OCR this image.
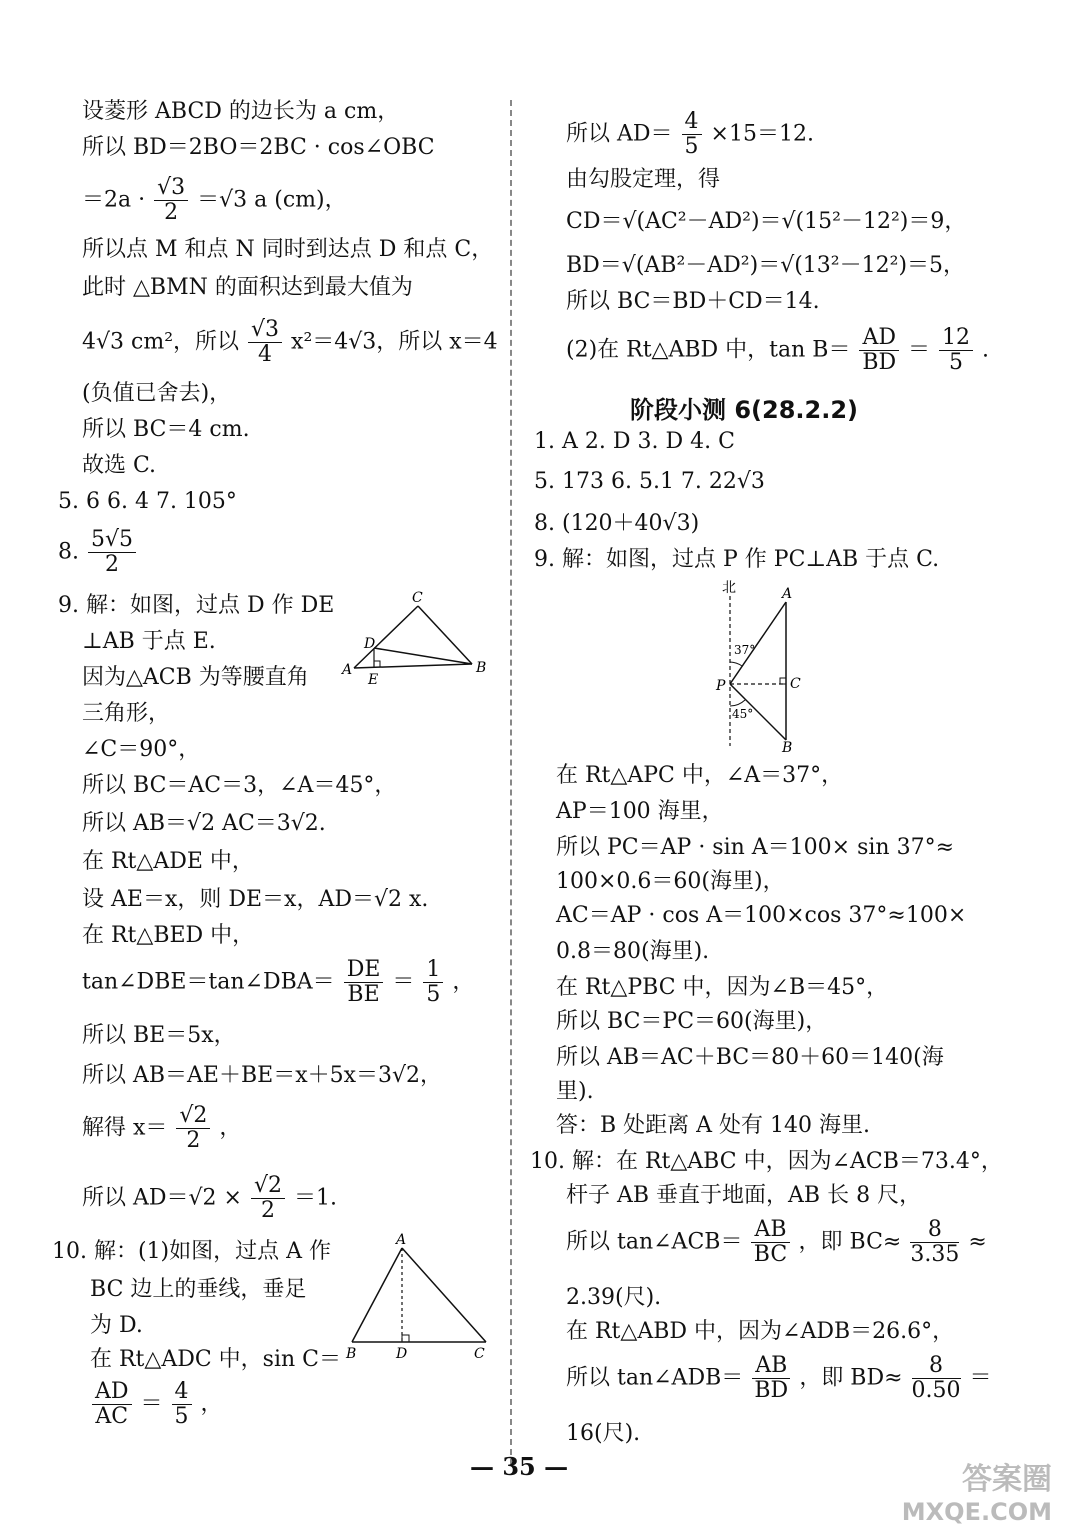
设菱形 ABCD 的边长为 a cm，
所以 BD＝2BO＝2BC · cos∠OBC
$=2a \cdot \frac{√3}{2} =√3$ a (cm)，
所以点 M 和点 N 同时到达点 D 和点 C，
此时 △BMN 的面积达到最大值为
4√3 cm²，所以 $\frac{√3}{4} x^2=4√3$，所以 x＝4
(负值已舍去)，
所以 BC＝4 cm.
故选 C.
5. 6 6. 4 7. 105°
8. $\frac{5√5}{2}$
9. 解：如图，过点 D 作 DE
⊥AB 于点 E.
因为△ACB 为等腰直角
三角形，
∠C＝90°，
所以 BC＝AC＝3，∠A＝45°，
所以 AB＝√2 AC＝3√2.
在 Rt△ADE 中，
设 AE＝x，则 DE＝x，AD＝√2 x.
在 Rt△BED 中，
tan∠DBE＝tan∠DBA＝ $\frac{DE}{BE} = \frac{1}{5}$ ，
所以 BE＝5x，
所以 AB＝AE＋BE＝x＋5x＝3√2，
解得 $x= \frac{√2}{2}$ ，
所以 $AD=√2 \times \frac{√2}{2} =1$.
10. 解：(1)如图，过点 A 作
BC 边上的垂线，垂足
为 D.
在 Rt△ADC 中，sin C＝
$\frac{AD}{AC} = \frac{4}{5}$ ，
C
D
A
E
B
A
B	D	C
所以 $AD= \frac{4}{5} \times 15=12$.
由勾股定理，得
CD＝√(AC²－AD²)＝√(15²－12²)＝9，
BD＝√(AB²－AD²)＝√(13²－12²)＝5，
所以 BC＝BD＋CD＝14.
(2)在 Rt△ABD 中，$\tan B= \frac{AD}{BD} = \frac{12}{5}$ .
阶段小测 6(28.2.2)
1. A 2. D 3. D 4. C
5. 173 6. 5.1 7. 22√3
8. (120＋40√3)
9. 解：如图，过点 P 作 PC⊥AB 于点 C.
北	A
P	C
B
37°
45°
在 Rt△APC 中，∠A＝37°，
AP＝100 海里，
所以 PC＝AP · sin A＝100× sin 37°≈
100×0.6＝60(海里)，
AC＝AP · cos A＝100×cos 37°≈100×
0.8＝80(海里).
在 Rt△PBC 中，因为∠B＝45°，
所以 BC＝PC＝60(海里)，
所以 AB＝AC＋BC＝80＋60＝140(海
里).
答：B 处距离 A 处有 140 海里.
10. 解：在 Rt△ABC 中，因为∠ACB＝73.4°，
杆子 AB 垂直于地面，AB 长 8 尺，
所以 tan∠ACB＝ $\frac{AB}{BC}$ ，即 $BC\approx \frac{8}{3.35}$ ≈
2.39(尺).
在 Rt△ABD 中，因为∠ADB＝26.6°，
所以 tan∠ADB＝ $\frac{AB}{BD}$ ，即 $BD\approx \frac{8}{0.50}$ ＝
16(尺).
— 35 —	答案圈
MXQE.COM
